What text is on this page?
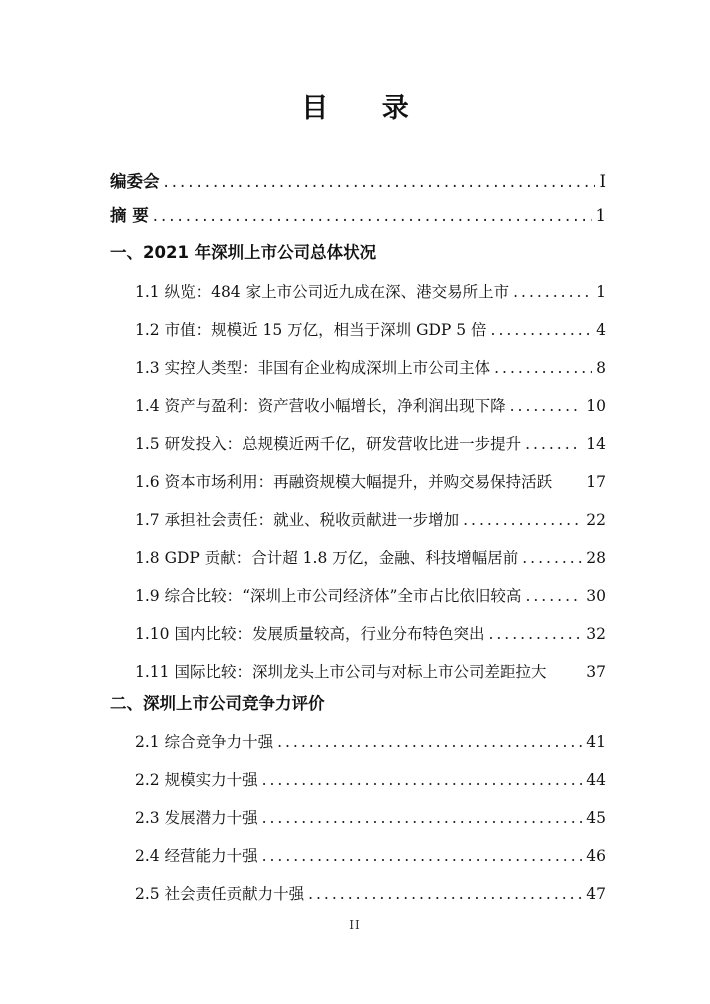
目 录
编委会 .....	I
摘 要 .....	1
一、2021 年深圳上市公司总体状况
1.1 纵览：484 家上市公司近九成在深、港交易所上市 .....	1
1.2 市值：规模近 15 万亿，相当于深圳 GDP 5 倍 .....	4
1.3 实控人类型：非国有企业构成深圳上市公司主体 .....	8
1.4 资产与盈利：资产营收小幅增长，净利润出现下降 .....	10
1.5 研发投入：总规模近两千亿，研发营收比进一步提升 .....	14
1.6 资本市场利用：再融资规模大幅提升，并购交易保持活跃 17
1.7 承担社会责任：就业、税收贡献进一步增加 .....	22
1.8 GDP 贡献：合计超 1.8 万亿，金融、科技增幅居前 .....	28
1.9 综合比较：“深圳上市公司经济体”全市占比依旧较高 .....	30
1.10 国内比较：发展质量较高，行业分布特色突出 .....	32
1.11 国际比较：深圳龙头上市公司与对标上市公司差距拉大	37
二、深圳上市公司竞争力评价
2.1 综合竞争力十强 .....	41
2.2 规模实力十强 .....	44
2.3 发展潜力十强 .....	45
2.4 经营能力十强 .....	46
2.5 社会责任贡献力十强 .....	47
II
